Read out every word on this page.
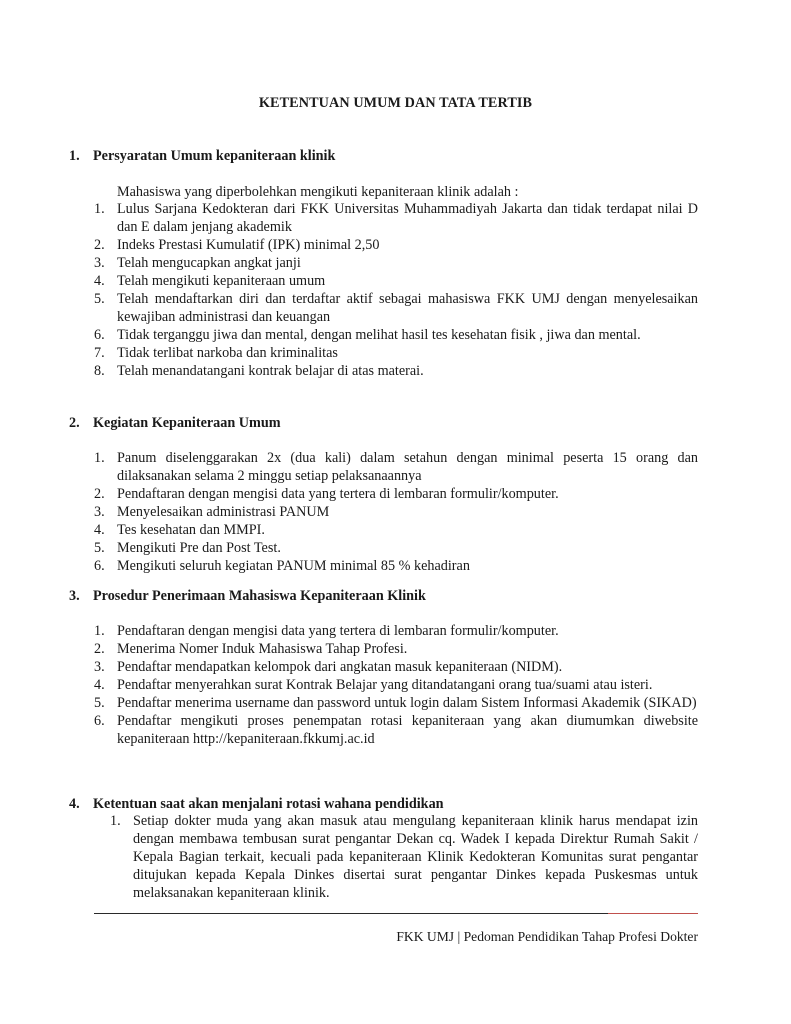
KETENTUAN UMUM DAN TATA TERTIB
1. Persyaratan Umum kepaniteraan klinik
Mahasiswa yang diperbolehkan mengikuti kepaniteraan klinik adalah :
1. Lulus Sarjana Kedokteran dari FKK Universitas Muhammadiyah Jakarta dan tidak terdapat nilai D dan E dalam jenjang akademik
2. Indeks Prestasi Kumulatif (IPK) minimal 2,50
3. Telah mengucapkan angkat janji
4. Telah mengikuti kepaniteraan umum
5. Telah mendaftarkan diri dan terdaftar aktif sebagai mahasiswa FKK UMJ dengan menyelesaikan kewajiban administrasi dan keuangan
6. Tidak terganggu jiwa dan mental, dengan melihat hasil tes kesehatan fisik , jiwa dan mental.
7. Tidak terlibat narkoba dan kriminalitas
8. Telah menandatangani kontrak belajar di atas materai.
2. Kegiatan Kepaniteraan Umum
1. Panum diselenggarakan 2x (dua kali) dalam setahun dengan minimal peserta 15 orang dan dilaksanakan selama 2 minggu setiap pelaksanaannya
2. Pendaftaran dengan mengisi data yang tertera di lembaran formulir/komputer.
3. Menyelesaikan administrasi PANUM
4. Tes kesehatan dan MMPI.
5. Mengikuti Pre dan Post Test.
6. Mengikuti seluruh kegiatan PANUM minimal 85 % kehadiran
3. Prosedur Penerimaan Mahasiswa Kepaniteraan Klinik
1. Pendaftaran dengan mengisi data yang tertera di lembaran formulir/komputer.
2. Menerima Nomer Induk Mahasiswa Tahap Profesi.
3. Pendaftar mendapatkan kelompok dari angkatan masuk kepaniteraan (NIDM).
4. Pendaftar menyerahkan surat Kontrak Belajar yang ditandatangani orang tua/suami atau isteri.
5. Pendaftar menerima username dan password untuk login dalam Sistem Informasi Akademik (SIKAD)
6. Pendaftar mengikuti proses penempatan rotasi kepaniteraan yang akan diumumkan diwebsite kepaniteraan http://kepaniteraan.fkkumj.ac.id
4. Ketentuan saat akan menjalani rotasi wahana pendidikan
1. Setiap dokter muda yang akan masuk atau mengulang kepaniteraan klinik harus mendapat izin dengan membawa tembusan surat pengantar Dekan cq. Wadek I kepada Direktur Rumah Sakit / Kepala Bagian terkait, kecuali pada kepaniteraan Klinik Kedokteran Komunitas surat pengantar ditujukan kepada Kepala Dinkes disertai surat pengantar Dinkes kepada Puskesmas untuk melaksanakan kepaniteraan klinik.
FKK UMJ | Pedoman Pendidikan Tahap Profesi Dokter
